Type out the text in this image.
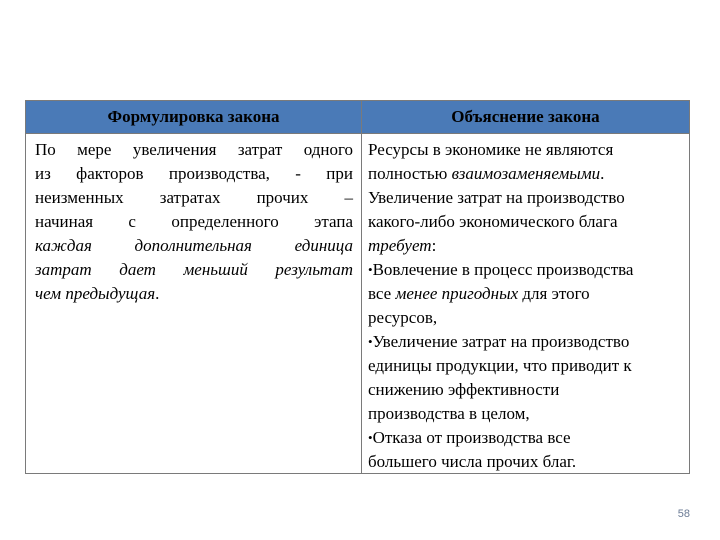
Формулировка закона	Объяснение закона
По мере увеличения затрат одного
из факторов производства, - при
неизменных затратах прочих –
начиная с определенного этапа
каждая дополнительная единица
затрат дает меньший результат
чем предыдущая.
Ресурсы в экономике не являются
полностью взаимозаменяемыми.
Увеличение затрат на производство
какого-либо экономического блага
требует:
•Вовлечение в процесс производства
все менее пригодных для этого
ресурсов,
•Увеличение затрат на производство
единицы продукции, что приводит к
снижению эффективности
производства в целом,
•Отказа от производства все
большего числа прочих благ.
58
